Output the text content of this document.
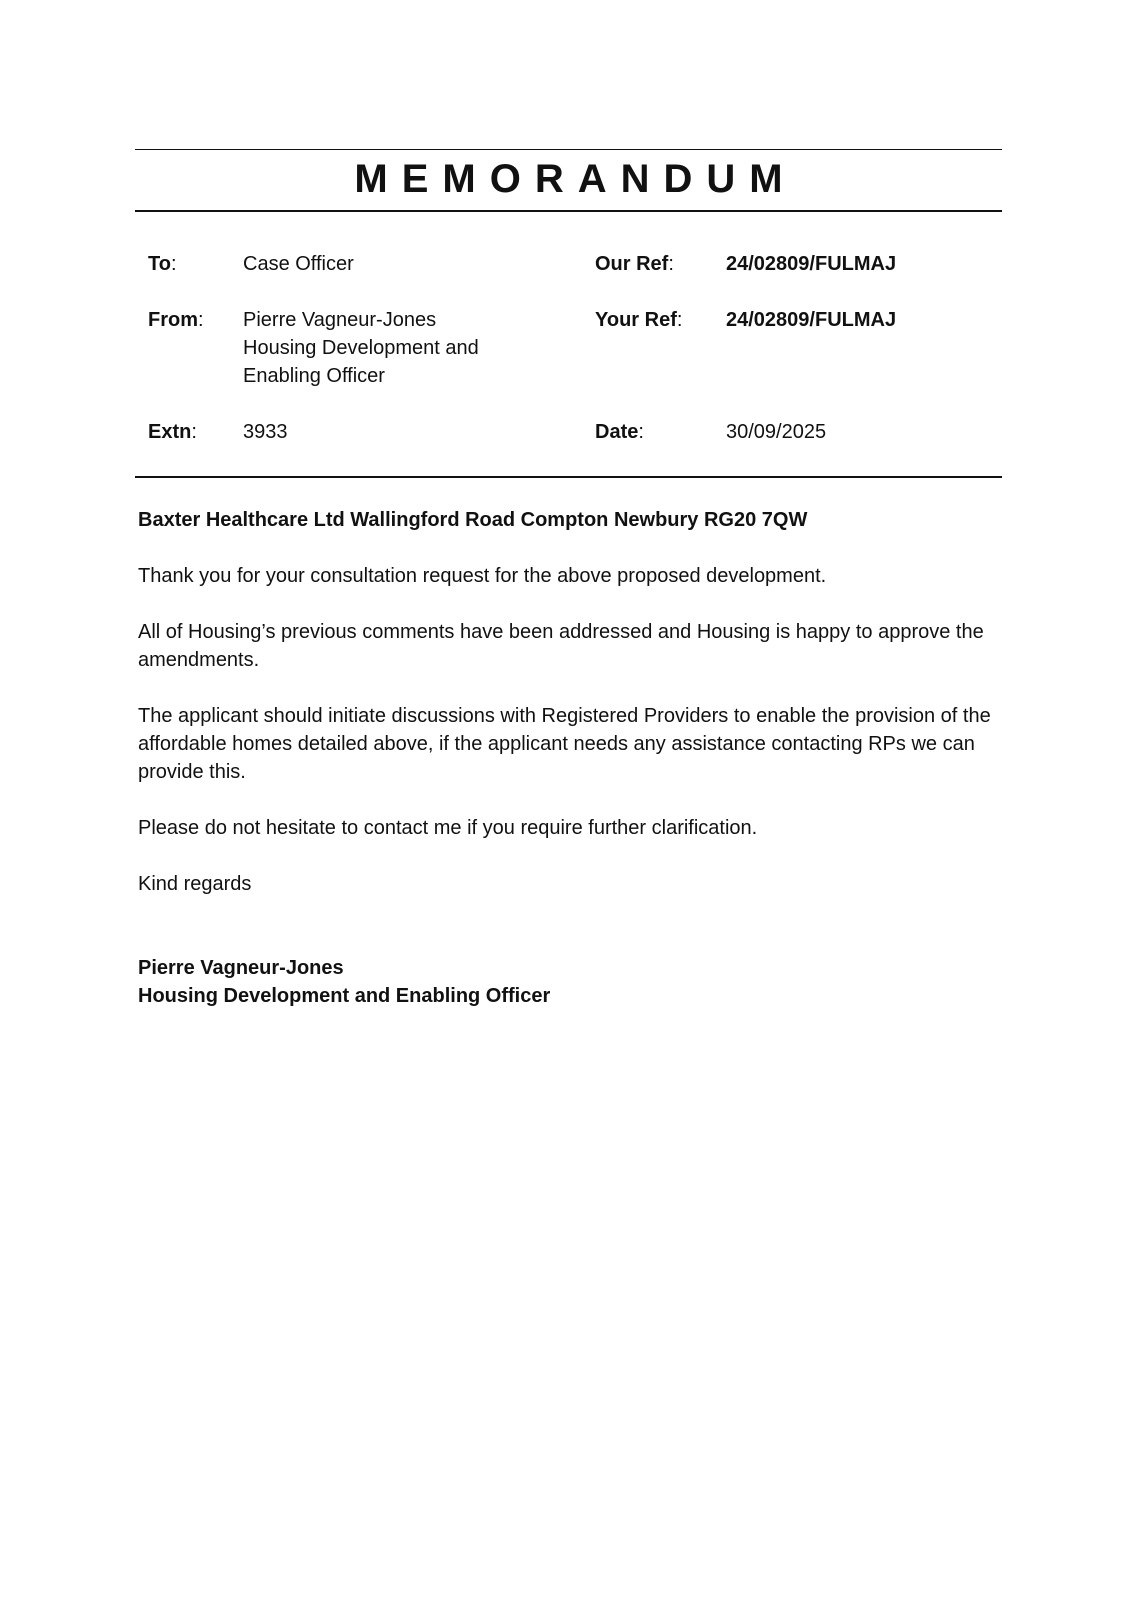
MEMORANDUM
To:	Case Officer
From: Pierre Vagneur-Jones
Housing Development and
Enabling Officer
Extn: 3933
Our Ref:	24/02809/FULMAJ
Your Ref: 24/02809/FULMAJ
Date:	30/09/2025

Baxter Healthcare Ltd Wallingford Road Compton Newbury RG20 7QW

Thank you for your consultation request for the above proposed development.

All of Housing’s previous comments have been addressed and Housing is happy to approve the amendments.

The applicant should initiate discussions with Registered Providers to enable the provision of the affordable homes detailed above, if the applicant needs any assistance contacting RPs we can provide this.

Please do not hesitate to contact me if you require further clarification.

Kind regards

Pierre Vagneur-Jones

Housing Development and Enabling Officer
